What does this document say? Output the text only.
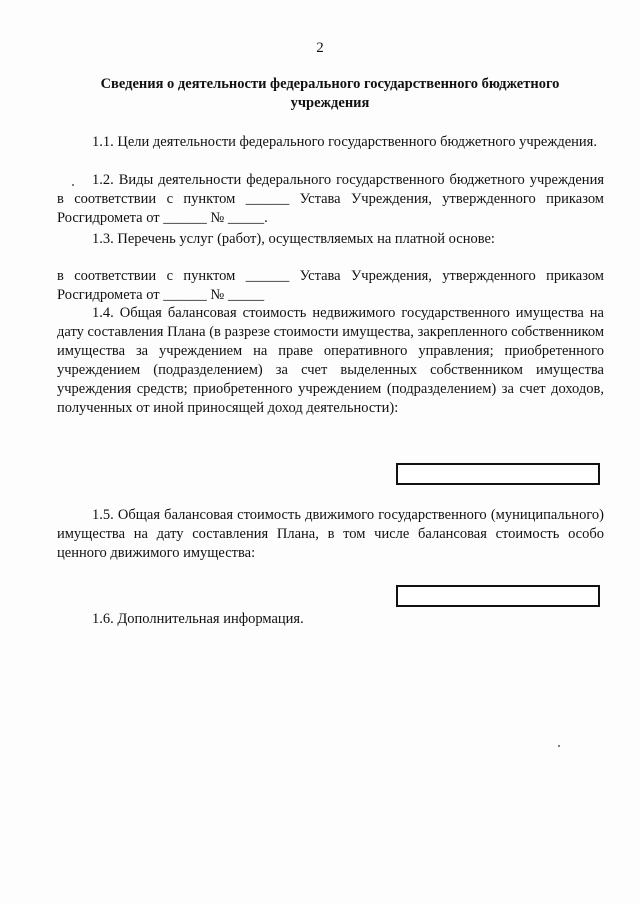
2
Сведения о деятельности федерального государственного бюджетного учреждения

1.1. Цели деятельности федерального государственного бюджетного учреждения.

1.2. Виды деятельности федерального государственного бюджетного учреждения в соответствии с пунктом ______ Устава Учреждения, утвержденного приказом Росгидромета от ______ № _____.

1.3. Перечень услуг (работ), осуществляемых на платной основе:

в соответствии с пунктом ______ Устава Учреждения, утвержденного приказом Росгидромета от ______ № _____

1.4. Общая балансовая стоимость недвижимого государственного имущества на дату составления Плана (в разрезе стоимости имущества, закрепленного собственником имущества за учреждением на праве оперативного управления; приобретенного учреждением (подразделением) за счет выделенных собственником имущества учреждения средств; приобретенного учреждением (подразделением) за счет доходов, полученных от иной приносящей доход деятельности):

1.5. Общая балансовая стоимость движимого государственного (муниципального) имущества на дату составления Плана, в том числе балансовая стоимость особо ценного движимого имущества:

1.6. Дополнительная информация.
